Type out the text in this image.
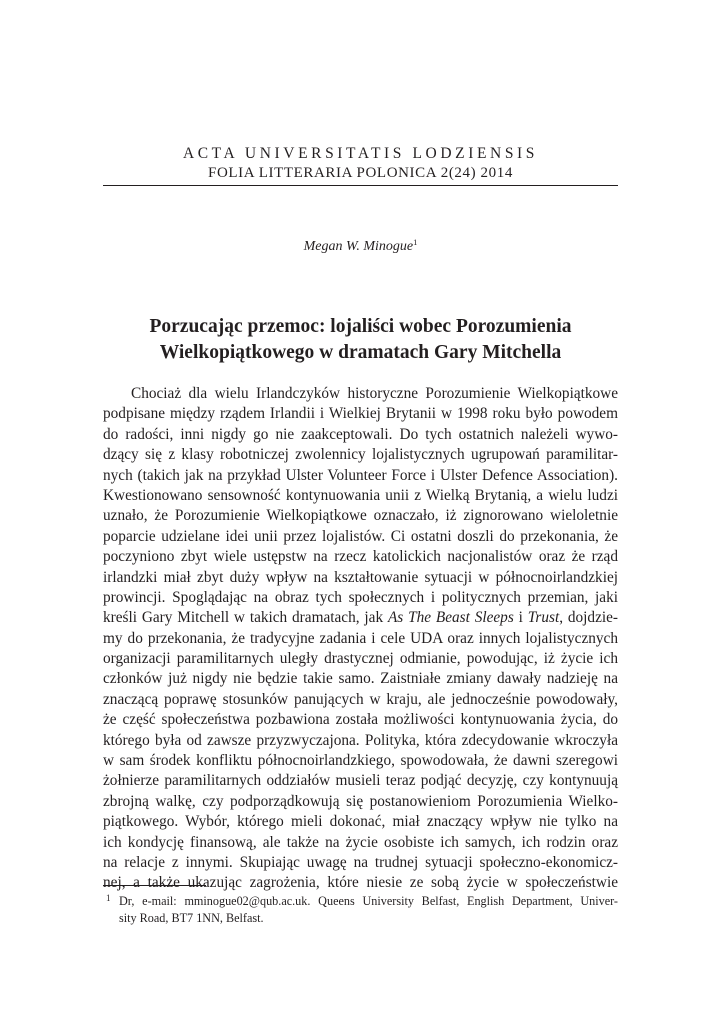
ACTA UNIVERSITATIS LODZIENSIS
FOLIA LITTERARIA POLONICA 2(24) 2014
Megan W. Minogue$^1$
Porzucając przemoc: lojaliści wobec Porozumienia
Wielkopiątkowego w dramatach Gary Mitchella
Chociaż dla wielu Irlandczyków historyczne Porozumienie Wielkopiątkowe
podpisane między rządem Irlandii i Wielkiej Brytanii w 1998 roku było powodem
do radości, inni nigdy go nie zaakceptowali. Do tych ostatnich należeli wywo-
dzący się z klasy robotniczej zwolennicy lojalistycznych ugrupowań paramilitar-
nych (takich jak na przykład Ulster Volunteer Force i Ulster Defence Association).
Kwestionowano sensowność kontynuowania unii z Wielką Brytanią, a wielu ludzi
uznało, że Porozumienie Wielkopiątkowe oznaczało, iż zignorowano wieloletnie
poparcie udzielane idei unii przez lojalistów. Ci ostatni doszli do przekonania, że
poczyniono zbyt wiele ustępstw na rzecz katolickich nacjonalistów oraz że rząd
irlandzki miał zbyt duży wpływ na kształtowanie sytuacji w północnoirlandzkiej
prowincji. Spoglądając na obraz tych społecznych i politycznych przemian, jaki
kreśli Gary Mitchell w takich dramatach, jak As The Beast Sleeps i Trust, dojdzie-
my do przekonania, że tradycyjne zadania i cele UDA oraz innych lojalistycznych
organizacji paramilitarnych uległy drastycznej odmianie, powodując, iż życie ich
członków już nigdy nie będzie takie samo. Zaistniałe zmiany dawały nadzieję na
znaczącą poprawę stosunków panujących w kraju, ale jednocześnie powodowały,
że część społeczeństwa pozbawiona została możliwości kontynuowania życia, do
którego była od zawsze przyzwyczajona. Polityka, która zdecydowanie wkroczyła
w sam środek konfliktu północnoirlandzkiego, spowodowała, że dawni szeregowi
żołnierze paramilitarnych oddziałów musieli teraz podjąć decyzję, czy kontynuują
zbrojną walkę, czy podporządkowują się postanowieniom Porozumienia Wielko-
piątkowego. Wybór, którego mieli dokonać, miał znaczący wpływ nie tylko na
ich kondycję finansową, ale także na życie osobiste ich samych, ich rodzin oraz
na relacje z innymi. Skupiając uwagę na trudnej sytuacji społeczno-ekonomicz-
nej, a także ukazując zagrożenia, które niesie ze sobą życie w społeczeństwie
1 Dr, e-mail: mminogue02@qub.ac.uk. Queens University Belfast, English Department, Univer-
sity Road, BT7 1NN, Belfast.
